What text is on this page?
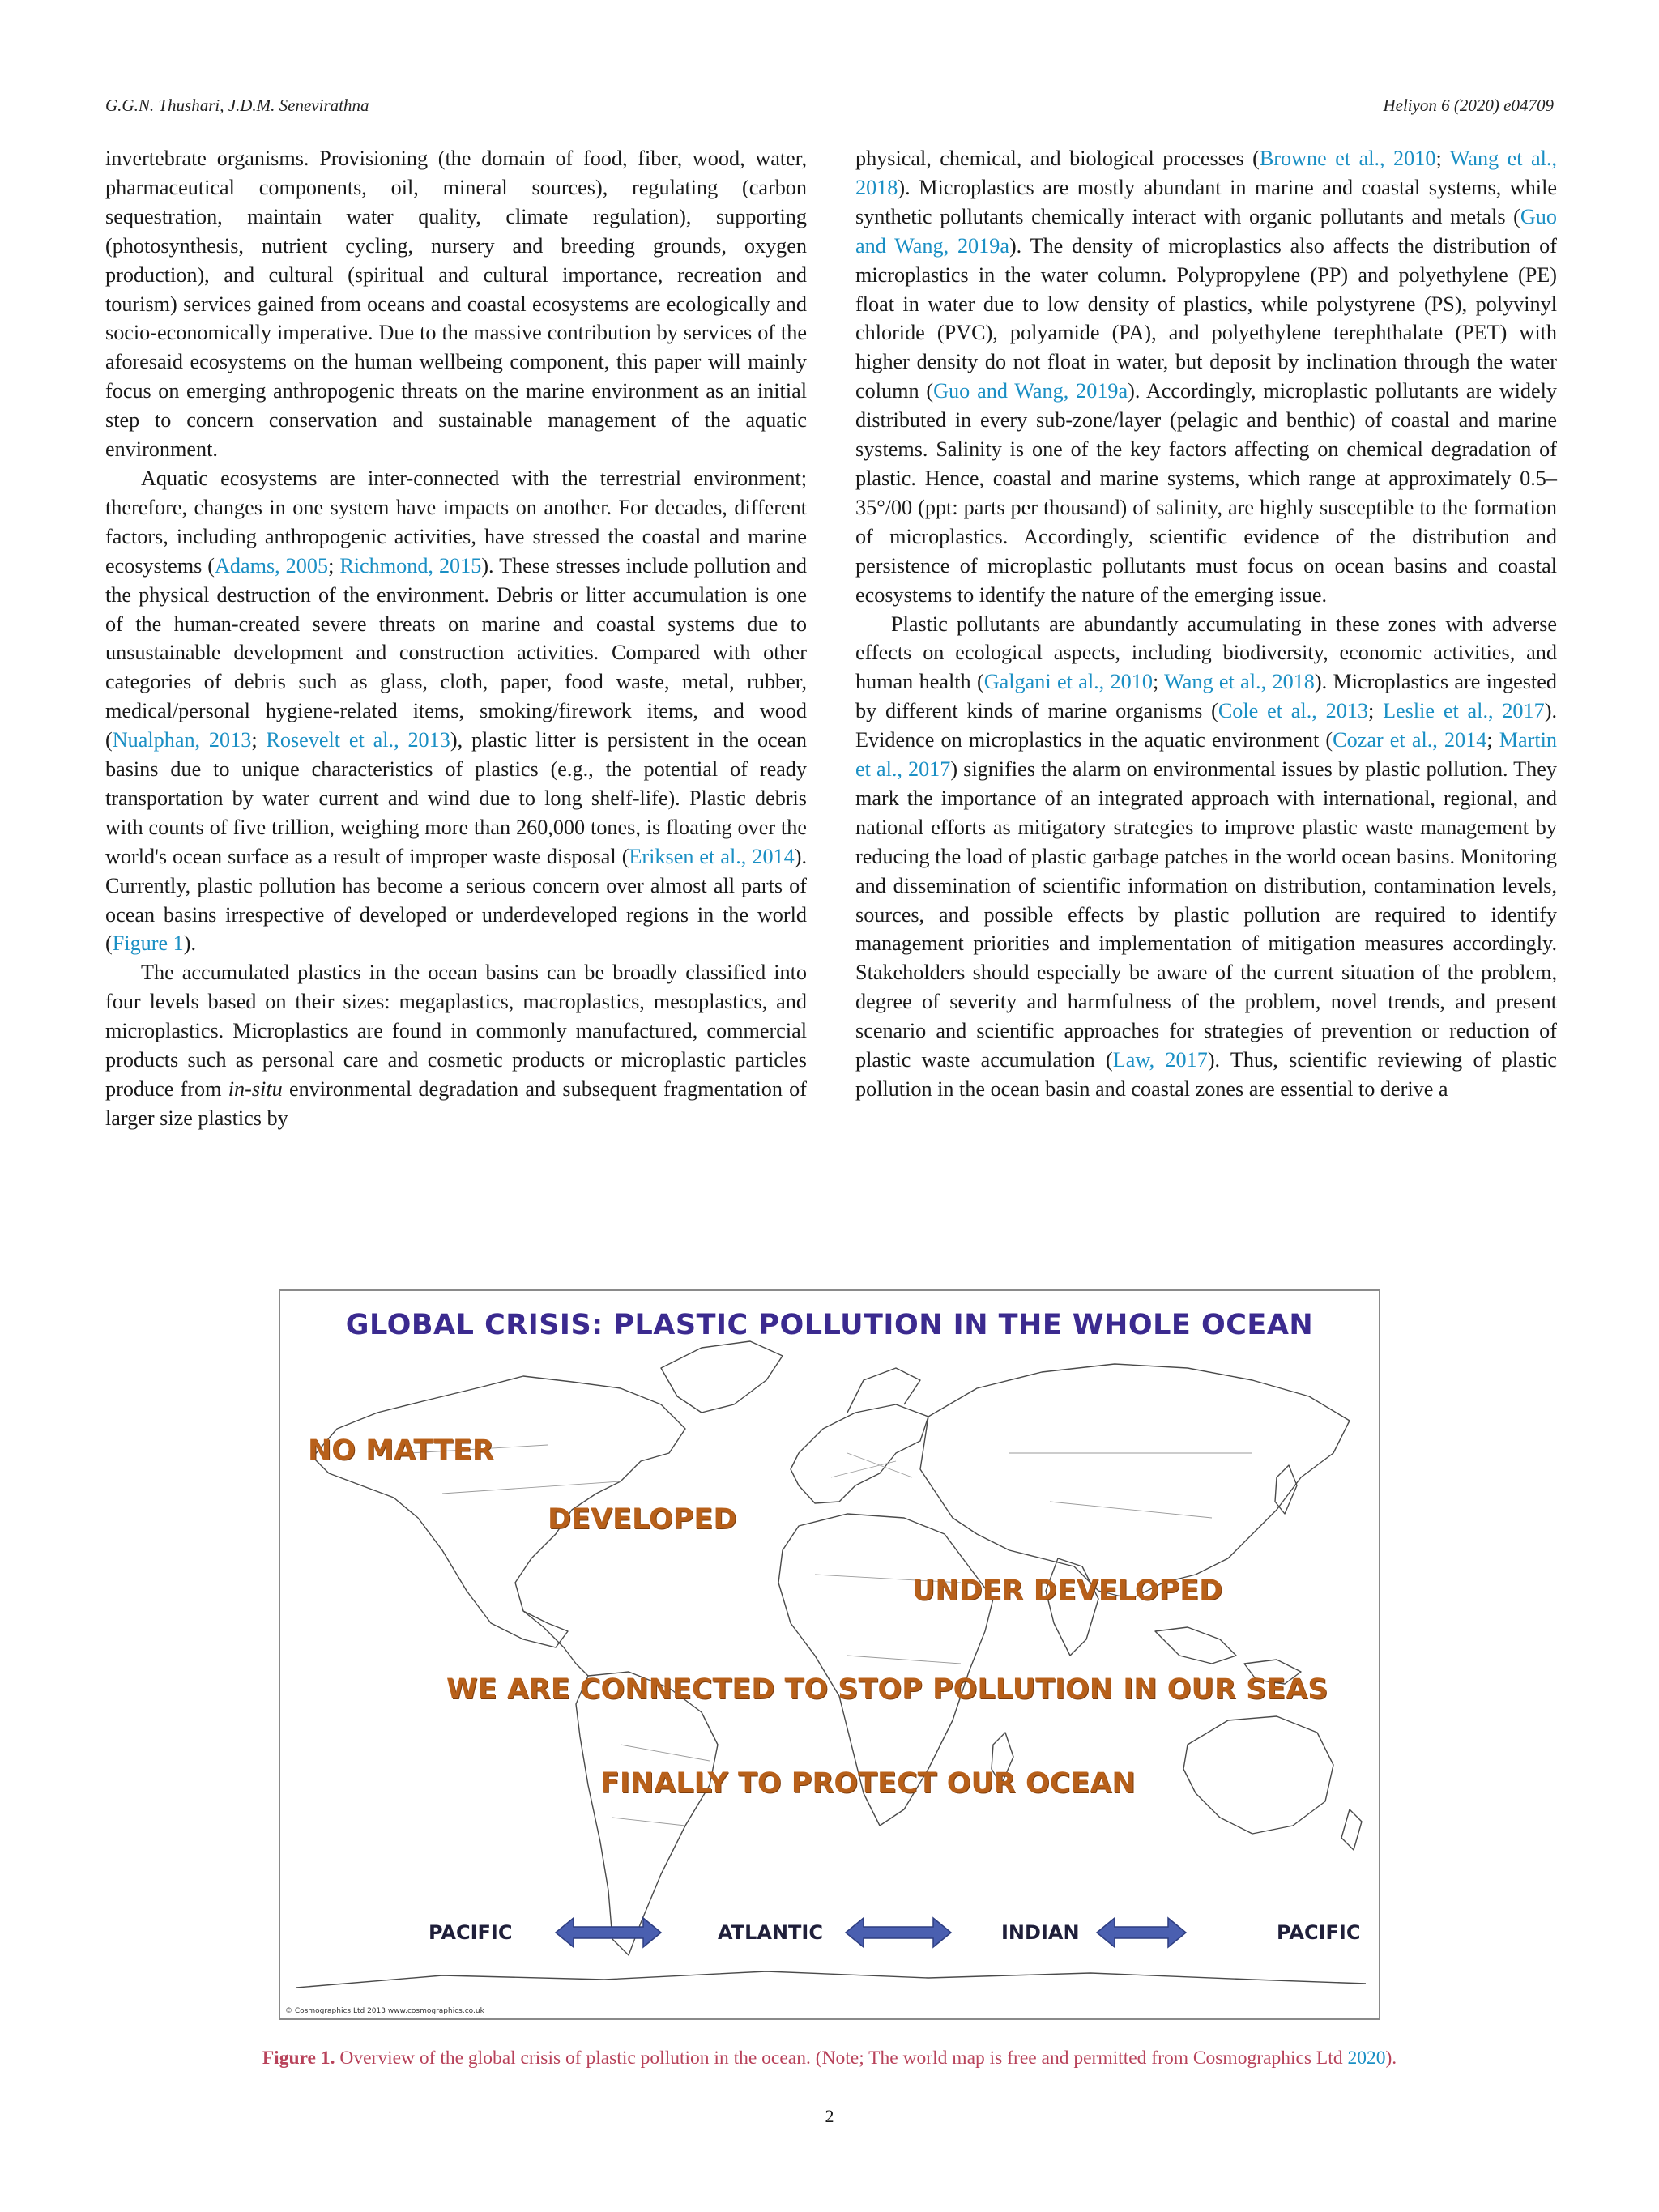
G.G.N. Thushari, J.D.M. Senevirathna	Heliyon 6 (2020) e04709

invertebrate organisms. Provisioning (the domain of food, fiber, wood, water, pharmaceutical components, oil, mineral sources), regulating (carbon sequestration, maintain water quality, climate regulation), supporting (photosynthesis, nutrient cycling, nursery and breeding grounds, oxygen production), and cultural (spiritual and cultural importance, recreation and tourism) services gained from oceans and coastal ecosystems are ecologically and socio-economically imperative. Due to the massive contribution by services of the aforesaid ecosystems on the human wellbeing component, this paper will mainly focus on emerging anthropogenic threats on the marine environment as an initial step to concern conservation and sustainable management of the aquatic environment.

Aquatic ecosystems are inter-connected with the terrestrial environment; therefore, changes in one system have impacts on another. For decades, different factors, including anthropogenic activities, have stressed the coastal and marine ecosystems (Adams, 2005; Richmond, 2015). These stresses include pollution and the physical destruction of the environment. Debris or litter accumulation is one of the human-created severe threats on marine and coastal systems due to unsustainable development and construction activities. Compared with other categories of debris such as glass, cloth, paper, food waste, metal, rubber, medical/personal hygiene-related items, smoking/firework items, and wood (Nualphan, 2013; Rosevelt et al., 2013), plastic litter is persistent in the ocean basins due to unique characteristics of plastics (e.g., the potential of ready transportation by water current and wind due to long shelf-life). Plastic debris with counts of five trillion, weighing more than 260,000 tones, is floating over the world's ocean surface as a result of improper waste disposal (Eriksen et al., 2014). Currently, plastic pollution has become a serious concern over almost all parts of ocean basins irrespective of developed or underdeveloped regions in the world (Figure 1).

The accumulated plastics in the ocean basins can be broadly classified into four levels based on their sizes: megaplastics, macroplastics, mesoplastics, and microplastics. Microplastics are found in commonly manufactured, commercial products such as personal care and cosmetic products or microplastic particles produce from in-situ environmental degradation and subsequent fragmentation of larger size plastics by

physical, chemical, and biological processes (Browne et al., 2010; Wang et al., 2018). Microplastics are mostly abundant in marine and coastal systems, while synthetic pollutants chemically interact with organic pollutants and metals (Guo and Wang, 2019a). The density of microplastics also affects the distribution of microplastics in the water column. Polypropylene (PP) and polyethylene (PE) float in water due to low density of plastics, while polystyrene (PS), polyvinyl chloride (PVC), polyamide (PA), and polyethylene terephthalate (PET) with higher density do not float in water, but deposit by inclination through the water column (Guo and Wang, 2019a). Accordingly, microplastic pollutants are widely distributed in every sub-zone/layer (pelagic and benthic) of coastal and marine systems. Salinity is one of the key factors affecting on chemical degradation of plastic. Hence, coastal and marine systems, which range at approximately 0.5–35°/00 (ppt: parts per thousand) of salinity, are highly susceptible to the formation of microplastics. Accordingly, scientific evidence of the distribution and persistence of microplastic pollutants must focus on ocean basins and coastal ecosystems to identify the nature of the emerging issue.

Plastic pollutants are abundantly accumulating in these zones with adverse effects on ecological aspects, including biodiversity, economic activities, and human health (Galgani et al., 2010; Wang et al., 2018). Microplastics are ingested by different kinds of marine organisms (Cole et al., 2013; Leslie et al., 2017). Evidence on microplastics in the aquatic environment (Cozar et al., 2014; Martin et al., 2017) signifies the alarm on environmental issues by plastic pollution. They mark the importance of an integrated approach with international, regional, and national efforts as mitigatory strategies to improve plastic waste management by reducing the load of plastic garbage patches in the world ocean basins. Monitoring and dissemination of scientific information on distribution, contamination levels, sources, and possible effects by plastic pollution are required to identify management priorities and implementation of mitigation measures accordingly. Stakeholders should especially be aware of the current situation of the problem, degree of severity and harmfulness of the problem, novel trends, and present scenario and scientific approaches for strategies of prevention or reduction of plastic waste accumulation (Law, 2017). Thus, scientific reviewing of plastic pollution in the ocean basin and coastal zones are essential to derive a

GLOBAL CRISIS: PLASTIC POLLUTION IN THE WHOLE OCEAN
NO MATTER
DEVELOPED
UNDER DEVELOPED
WE ARE CONNECTED TO STOP POLLUTION IN OUR SEAS
FINALLY TO PROTECT OUR OCEAN
PACIFIC	ATLANTIC	INDIAN	PACIFIC
© Cosmographics Ltd 2013 www.cosmographics.co.uk
Figure 1. Overview of the global crisis of plastic pollution in the ocean. (Note; The world map is free and permitted from Cosmographics Ltd 2020).
2
